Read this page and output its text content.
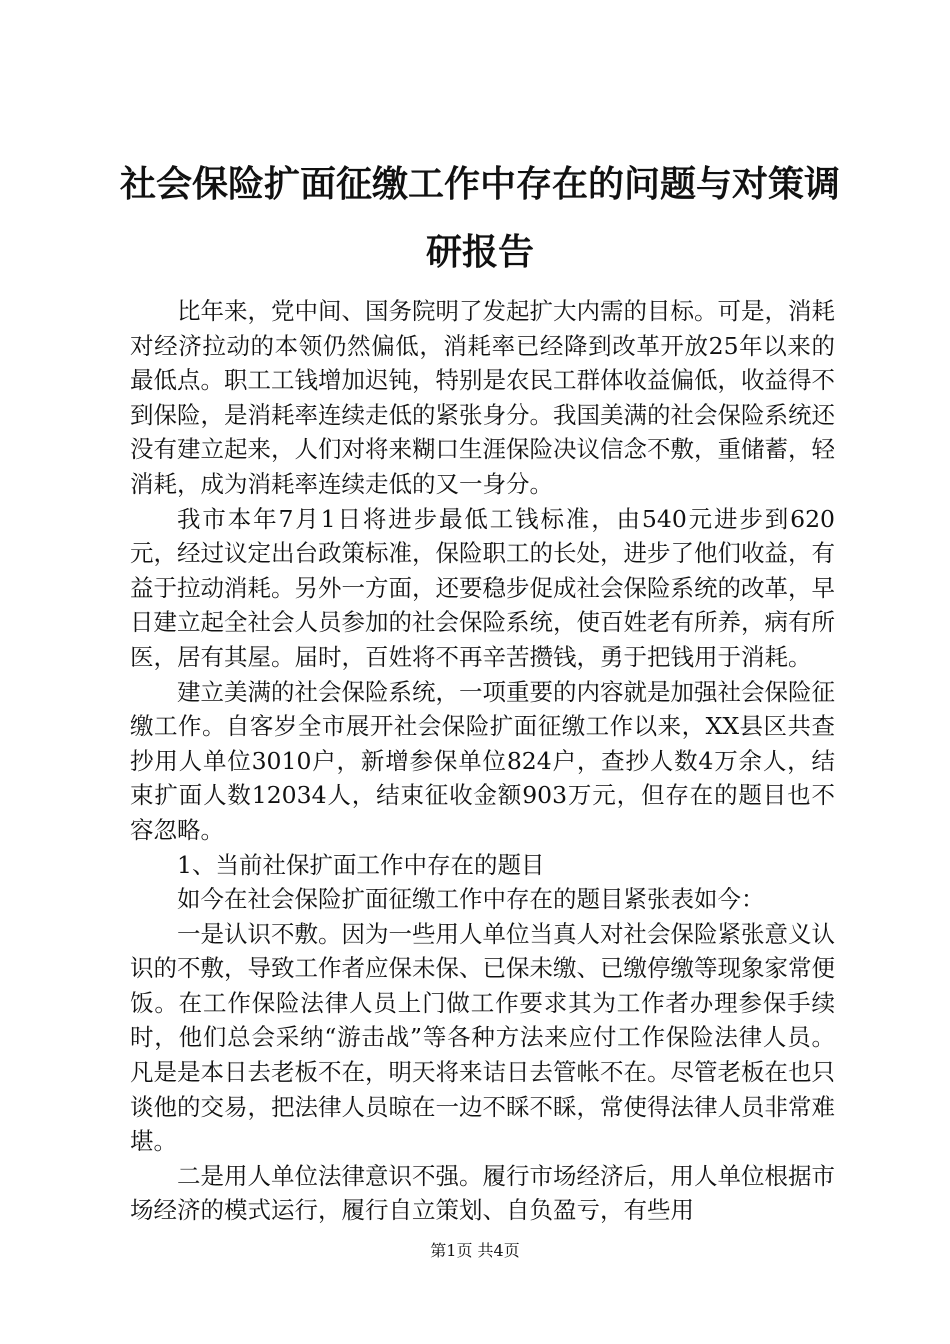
社会保险扩面征缴工作中存在的问题与对策调研报告

比年来，党中间、国务院明了发起扩大内需的目标。可是，消耗对经济拉动的本领仍然偏低，消耗率已经降到改革开放25年以来的最低点。职工工钱增加迟钝，特别是农民工群体收益偏低，收益得不到保险，是消耗率连续走低的紧张身分。我国美满的社会保险系统还没有建立起来，人们对将来糊口生涯保险决议信念不敷，重储蓄，轻消耗，成为消耗率连续走低的又一身分。

我市本年7月1日将进步最低工钱标准，由540元进步到620元，经过议定出台政策标准，保险职工的长处，进步了他们收益，有益于拉动消耗。另外一方面，还要稳步促成社会保险系统的改革，早日建立起全社会人员参加的社会保险系统，使百姓老有所养，病有所医，居有其屋。届时，百姓将不再辛苦攒钱，勇于把钱用于消耗。

建立美满的社会保险系统，一项重要的内容就是加强社会保险征缴工作。自客岁全市展开社会保险扩面征缴工作以来，XX县区共查抄用人单位3010户，新增参保单位824户，查抄人数4万余人，结束扩面人数12034人，结束征收金额903万元，但存在的题目也不容忽略。

1、当前社保扩面工作中存在的题目

如今在社会保险扩面征缴工作中存在的题目紧张表如今：

一是认识不敷。因为一些用人单位当真人对社会保险紧张意义认识的不敷，导致工作者应保未保、已保未缴、已缴停缴等现象家常便饭。在工作保险法律人员上门做工作要求其为工作者办理参保手续时，他们总会采纳“游击战”等各种方法来应付工作保险法律人员。凡是是本日去老板不在，明天将来诘日去管帐不在。尽管老板在也只谈他的交易，把法律人员晾在一边不睬不睬，常使得法律人员非常难堪。

二是用人单位法律意识不强。履行市场经济后，用人单位根据市场经济的模式运行，履行自立策划、自负盈亏，有些用

第1页 共4页
